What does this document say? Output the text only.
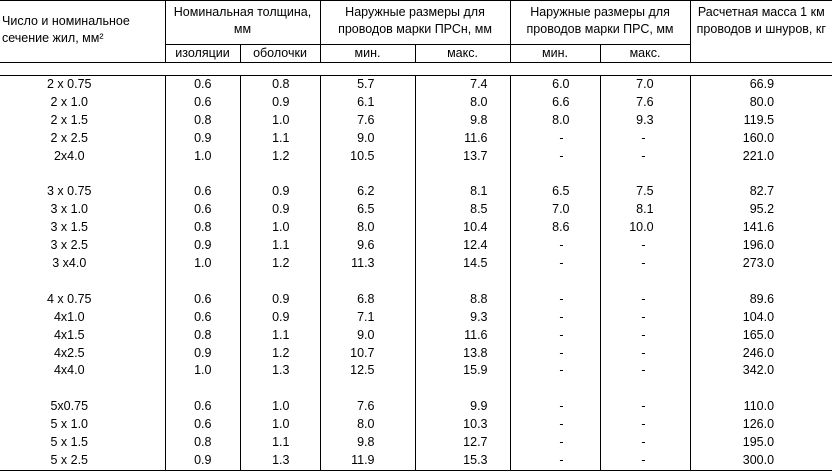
Число и номинальное сечение жил, мм²	Номинальная толщина, мм		Наружные размеры для проводов марки ПРСн, мм		Наружные размеры для проводов марки ПРС, мм		Расчетная масса 1 км проводов и шнуров, кг
	изоляции	оболочки	мин.	макс.	мин.	макс.	

2 x 0.75	0.6	0.8	5.7	7.4	6.0	7.0	66.9
2 x 1.0	0.6	0.9	6.1	8.0	6.6	7.6	80.0
2 x 1.5	0.8	1.0	7.6	9.8	8.0	9.3	119.5
2 x 2.5	0.9	1.1	9.0	11.6	-	-	160.0
2x4.0	1.0	1.2	10.5	13.7	-	-	221.0

3 x 0.75	0.6	0.9	6.2	8.1	6.5	7.5	82.7
3 x 1.0	0.6	0.9	6.5	8.5	7.0	8.1	95.2
3 x 1.5	0.8	1.0	8.0	10.4	8.6	10.0	141.6
3 x 2.5	0.9	1.1	9.6	12.4	-	-	196.0
3 x4.0	1.0	1.2	11.3	14.5	-	-	273.0

4 x 0.75	0.6	0.9	6.8	8.8	-	-	89.6
4x1.0	0.6	0.9	7.1	9.3	-	-	104.0
4x1.5	0.8	1.1	9.0	11.6	-	-	165.0
4x2.5	0.9	1.2	10.7	13.8	-	-	246.0
4x4.0	1.0	1.3	12.5	15.9	-	-	342.0

5x0.75	0.6	1.0	7.6	9.9	-	-	110.0
5 x 1.0	0.6	1.0	8.0	10.3	-	-	126.0
5 x 1.5	0.8	1.1	9.8	12.7	-	-	195.0
5 x 2.5	0.9	1.3	11.9	15.3	-	-	300.0
